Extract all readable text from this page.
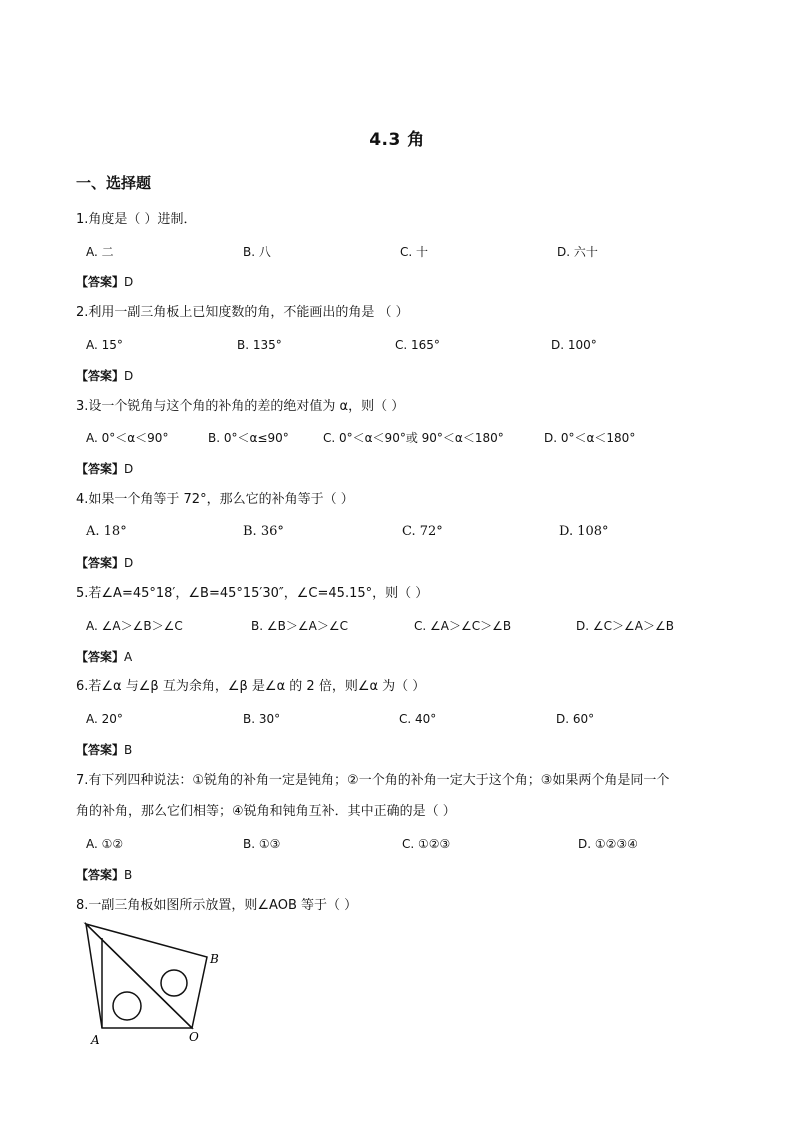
4.3 角
一、选择题
1.角度是（ ）进制．
A. 二	B. 八	C. 十	D. 六十
【答案】D
2.利用一副三角板上已知度数的角，不能画出的角是 （ ）
A. 15°	B. 135°	C. 165°	D. 100°
【答案】D
3.设一个锐角与这个角的补角的差的绝对值为 α，则（ ）
A. 0°＜α＜90°	B. 0°＜α≤90°	C. 0°＜α＜90°或 90°＜α＜180°	D. 0°＜α＜180°
【答案】D
4.如果一个角等于 72°，那么它的补角等于（ ）
A. 18°	B. 36°	C. 72°	D. 108°
【答案】D
5.若∠A=45°18′，∠B=45°15′30″，∠C=45.15°，则（ ）
A. ∠A＞∠B＞∠C	B. ∠B＞∠A＞∠C	C. ∠A＞∠C＞∠B	D. ∠C＞∠A＞∠B
【答案】A
6.若∠α 与∠β 互为余角，∠β 是∠α 的 2 倍，则∠α 为（ ）
A. 20°	B. 30°	C. 40°	D. 60°
【答案】B
7.有下列四种说法：①锐角的补角一定是钝角；②一个角的补角一定大于这个角；③如果两个角是同一个
角的补角，那么它们相等；④锐角和钝角互补．其中正确的是（ ）
A. ①②	B. ①③	C. ①②③	D. ①②③④
【答案】B
8.一副三角板如图所示放置，则∠AOB 等于（ ）
A
B
O
